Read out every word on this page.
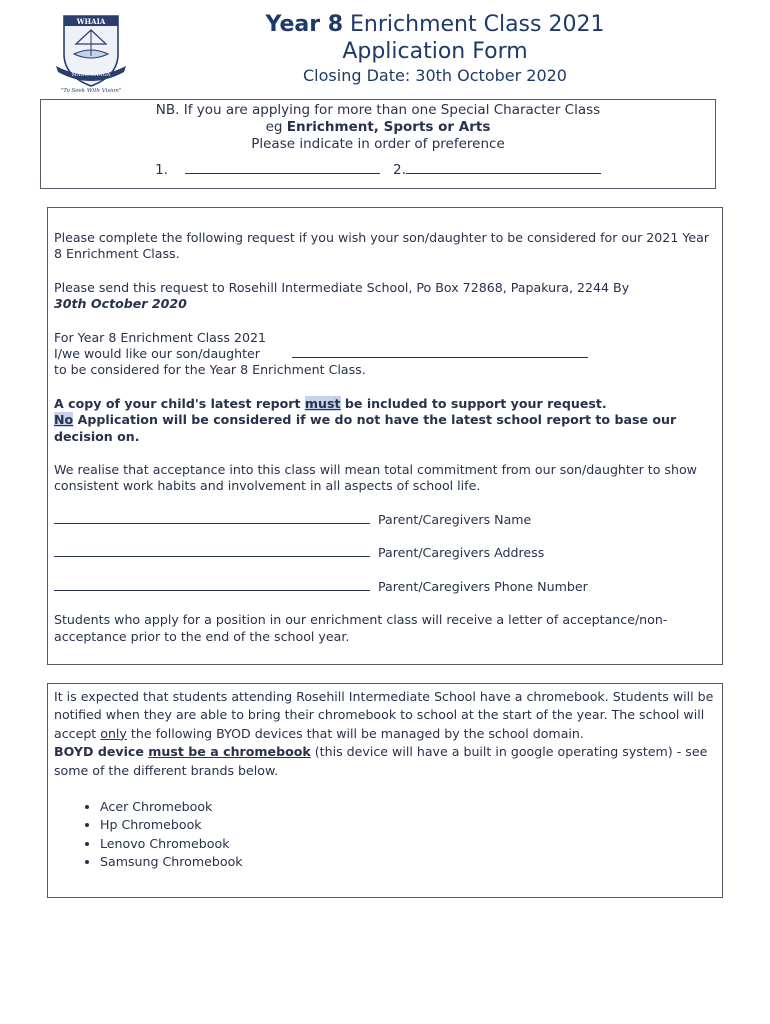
WHAIA
MĀTAURANGA
"To Seek With Vision"
Year 8 Enrichment Class 2021
Application Form
Closing Date: 30th October 2020
NB. If you are applying for more than one Special Character Class
eg Enrichment, Sports or Arts
Please indicate in order of preference
1.	2.

Please complete the following request if you wish your son/daughter to be considered for our 2021 Year 8 Enrichment Class.

Please send this request to Rosehill Intermediate School, Po Box 72868, Papakura, 2244 By
30th October 2020

For Year 8 Enrichment Class 2021
I/we would like our son/daughter
to be considered for the Year 8 Enrichment Class.

A copy of your child's latest report must be included to support your request.
No Application will be considered if we do not have the latest school report to base our decision on.

We realise that acceptance into this class will mean total commitment from our son/daughter to show consistent work habits and involvement in all aspects of school life.

Parent/Caregivers Name
Parent/Caregivers Address
Parent/Caregivers Phone Number

Students who apply for a position in our enrichment class will receive a letter of acceptance/non-acceptance prior to the end of the school year.

It is expected that students attending Rosehill Intermediate School have a chromebook. Students will be notified when they are able to bring their chromebook to school at the start of the year. The school will accept only the following BYOD devices that will be managed by the school domain.
BOYD device must be a chromebook (this device will have a built in google operating system) - see some of the different brands below.
• Acer Chromebook
• Hp Chromebook
• Lenovo Chromebook
• Samsung Chromebook
